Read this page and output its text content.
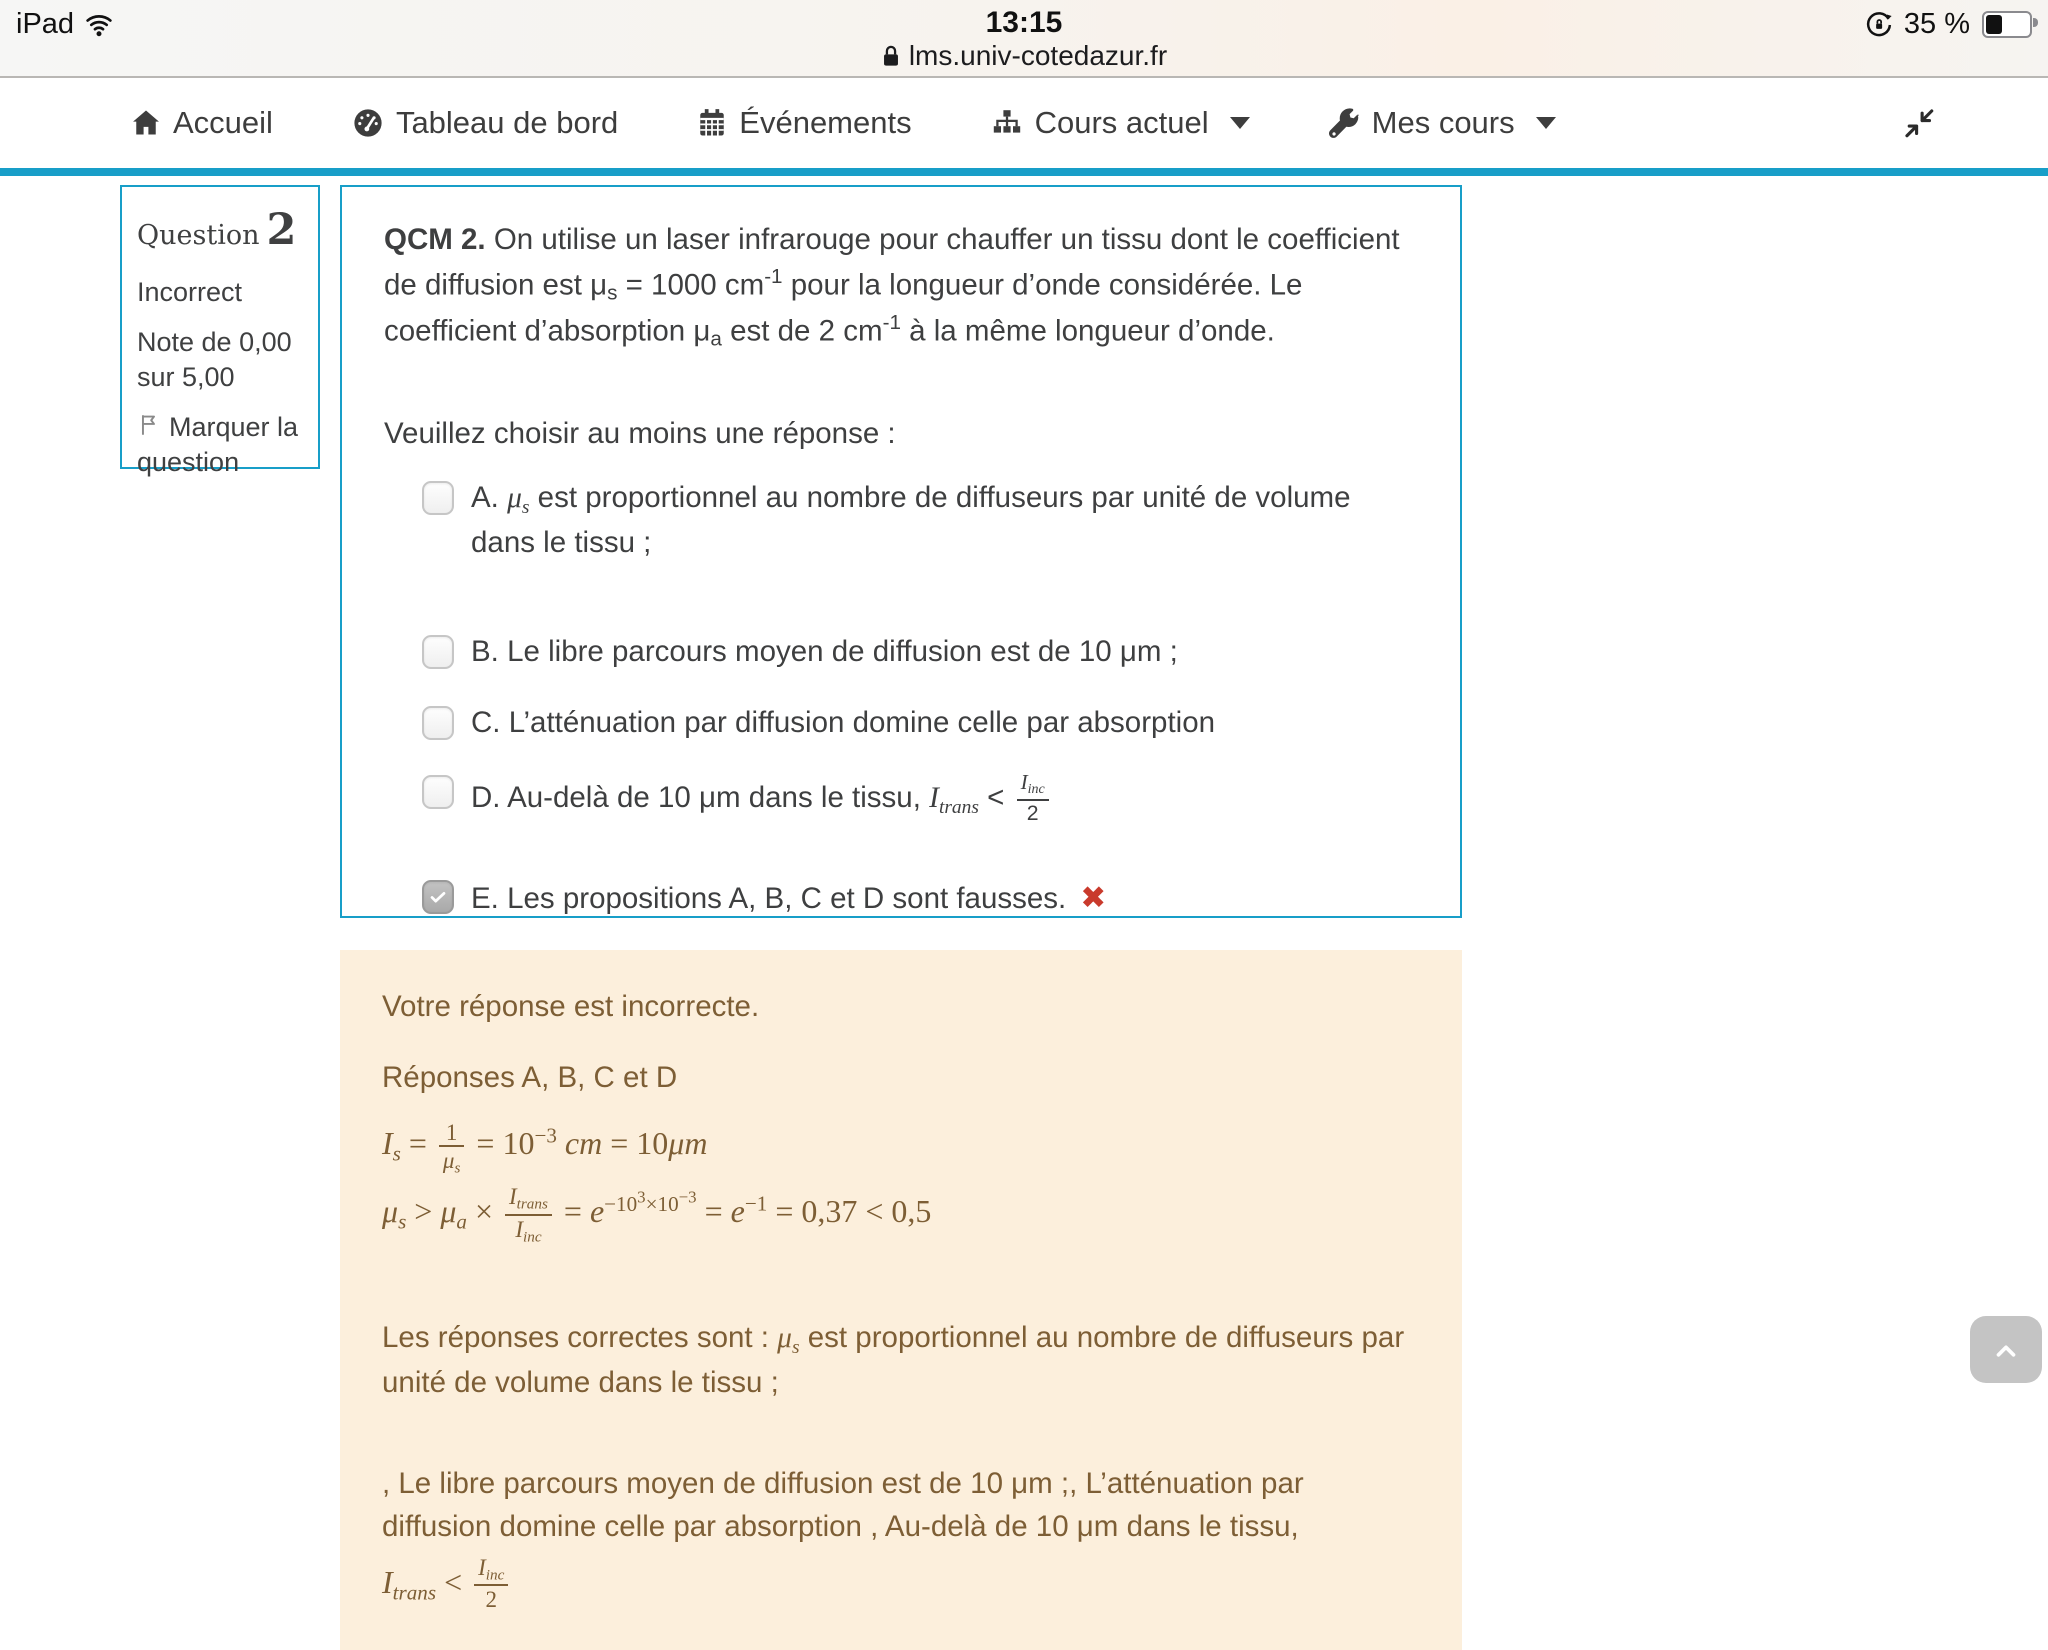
iPad	13:15
lms.univ-cotedazur.fr
35 %
Accueil	Tableau de bord	Événements	Cours actuel	Mes cours
Question 2
Incorrect
Note de 0,00 sur 5,00
Marquer la question

QCM 2. On utilise un laser infrarouge pour chauffer un tissu dont le coefficient de diffusion est $\mu_s = 1000$ $cm^{-1}$ pour la longueur d’onde considérée. Le coefficient d’absorption $\mu_a$ est de 2 $cm^{-1}$ à la même longueur d’onde.

Veuillez choisir au moins une réponse :
A. μs est proportionnel au nombre de diffuseurs par unité de volume dans le tissu ;
B. Le libre parcours moyen de diffusion est de 10 μm ;
C. L’atténuation par diffusion domine celle par absorption
D. Au-delà de 10 μm dans le tissu, Itrans < $\frac{\text{Iinc}}{2}$
E. Les propositions A, B, C et D sont fausses. ✖

Votre réponse est incorrecte.

Réponses A, B, C et D

$Is = \frac{1}{\mu s} = 10^{-3}$ cm = 10μm
$\mu s > \mu a \times \frac{\text{Itrans}}{\text{Iinc}} = e^{-10^3\times 10^{-3}} = e^{-1} = 0,37 < 0,5$

Les réponses correctes sont : μs est proportionnel au nombre de diffuseurs par unité de volume dans le tissu ;

, Le libre parcours moyen de diffusion est de 10 μm ;, L’atténuation par diffusion domine celle par absorption , Au-delà de 10 μm dans le tissu,

Itrans < $\frac{\text{Iinc}}{2}$
